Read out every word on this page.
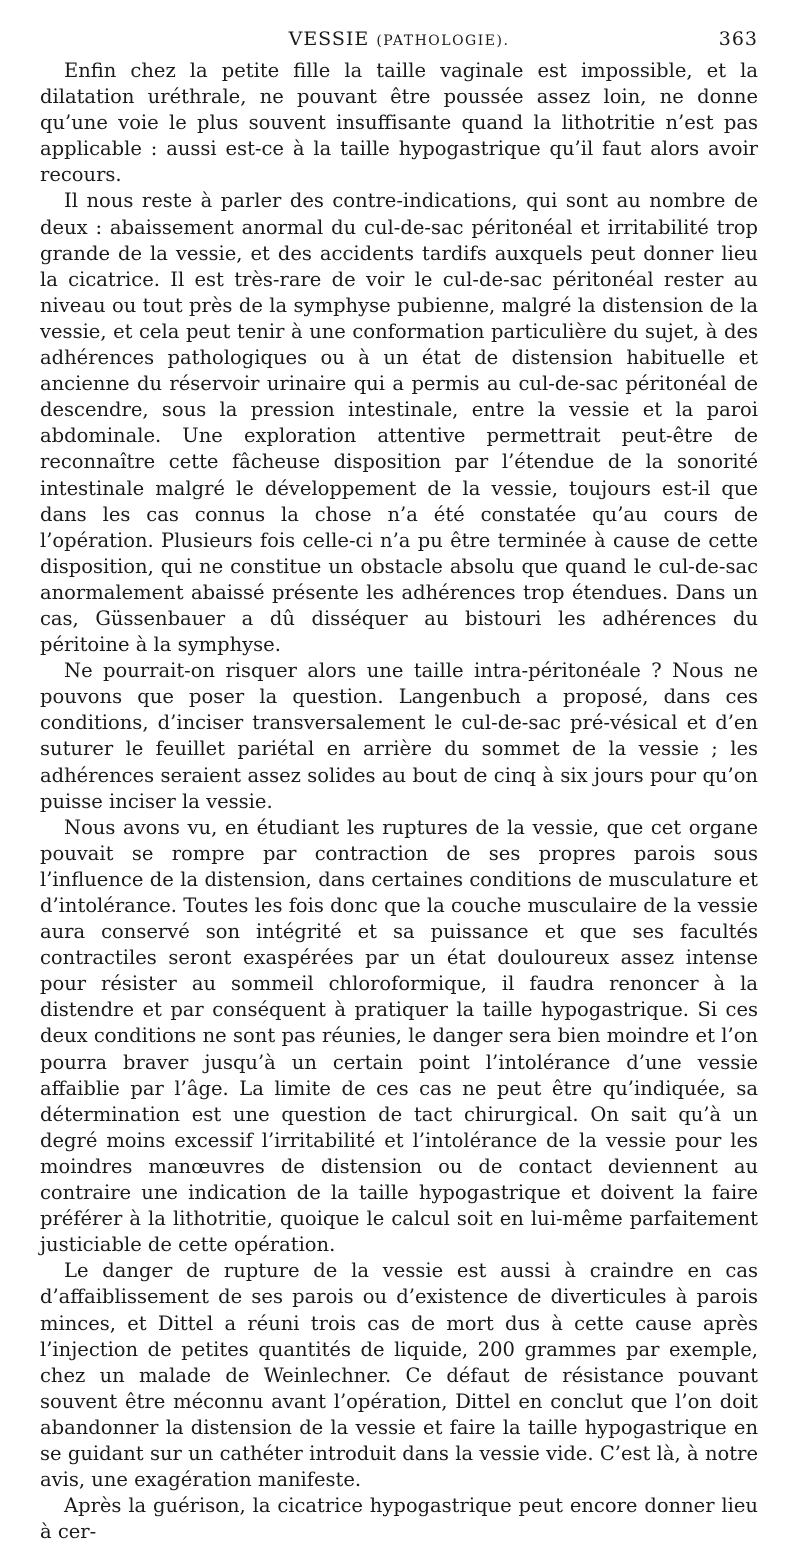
VESSIE (PATHOLOGIE).	363

Enfin chez la petite fille la taille vaginale est impossible, et la dilatation uréthrale, ne pouvant être poussée assez loin, ne donne qu’une voie le plus souvent insuffisante quand la lithotritie n’est pas applicable : aussi est-ce à la taille hypogastrique qu’il faut alors avoir recours.

Il nous reste à parler des contre-indications, qui sont au nombre de deux : abaissement anormal du cul-de-sac péritonéal et irritabilité trop grande de la vessie, et des accidents tardifs auxquels peut donner lieu la cicatrice. Il est très-rare de voir le cul-de-sac péritonéal rester au niveau ou tout près de la symphyse pubienne, malgré la distension de la vessie, et cela peut tenir à une conformation particulière du sujet, à des adhérences pathologiques ou à un état de distension habituelle et ancienne du réservoir urinaire qui a permis au cul-de-sac péritonéal de descendre, sous la pression intestinale, entre la vessie et la paroi abdominale. Une exploration attentive permettrait peut-être de reconnaître cette fâcheuse disposition par l’étendue de la sonorité intestinale malgré le développement de la vessie, toujours est-il que dans les cas connus la chose n’a été constatée qu’au cours de l’opération. Plusieurs fois celle-ci n’a pu être terminée à cause de cette disposition, qui ne constitue un obstacle absolu que quand le cul-de-sac anormalement abaissé présente les adhérences trop étendues. Dans un cas, Güssenbauer a dû disséquer au bistouri les adhérences du péritoine à la symphyse.

Ne pourrait-on risquer alors une taille intra-péritonéale ? Nous ne pouvons que poser la question. Langenbuch a proposé, dans ces conditions, d’inciser transversalement le cul-de-sac pré-vésical et d’en suturer le feuillet pariétal en arrière du sommet de la vessie ; les adhérences seraient assez solides au bout de cinq à six jours pour qu’on puisse inciser la vessie.

Nous avons vu, en étudiant les ruptures de la vessie, que cet organe pouvait se rompre par contraction de ses propres parois sous l’influence de la distension, dans certaines conditions de musculature et d’intolérance. Toutes les fois donc que la couche musculaire de la vessie aura conservé son intégrité et sa puissance et que ses facultés contractiles seront exaspérées par un état douloureux assez intense pour résister au sommeil chloroformique, il faudra renoncer à la distendre et par conséquent à pratiquer la taille hypogastrique. Si ces deux conditions ne sont pas réunies, le danger sera bien moindre et l’on pourra braver jusqu’à un certain point l’intolérance d’une vessie affaiblie par l’âge. La limite de ces cas ne peut être qu’indiquée, sa détermination est une question de tact chirurgical. On sait qu’à un degré moins excessif l’irritabilité et l’intolérance de la vessie pour les moindres manœuvres de distension ou de contact deviennent au contraire une indication de la taille hypogastrique et doivent la faire préférer à la lithotritie, quoique le calcul soit en lui-même parfaitement justiciable de cette opération.

Le danger de rupture de la vessie est aussi à craindre en cas d’affaiblissement de ses parois ou d’existence de diverticules à parois minces, et Dittel a réuni trois cas de mort dus à cette cause après l’injection de petites quantités de liquide, 200 grammes par exemple, chez un malade de Weinlechner. Ce défaut de résistance pouvant souvent être méconnu avant l’opération, Dittel en conclut que l’on doit abandonner la distension de la vessie et faire la taille hypogastrique en se guidant sur un cathéter introduit dans la vessie vide. C’est là, à notre avis, une exagération manifeste.

Après la guérison, la cicatrice hypogastrique peut encore donner lieu à cer-
